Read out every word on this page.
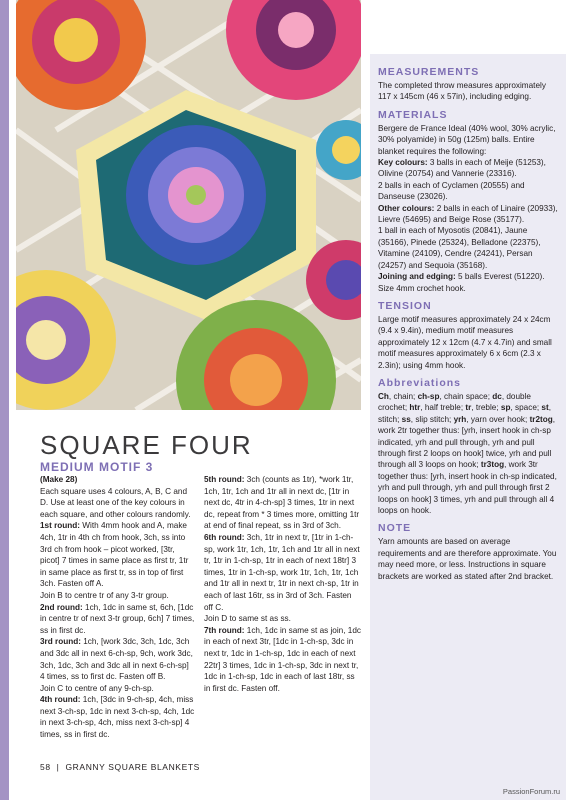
MEASUREMENTS

The completed throw measures approximately 117 x 145cm (46 x 57in), including edging.

MATERIALS

Bergere de France Ideal (40% wool, 30% acrylic, 30% polyamide) in 50g (125m) balls. Entire blanket requires the following:

Key colours: 3 balls in each of Meije (51253), Olivine (20754) and Vannerie (23316).

2 balls in each of Cyclamen (20555) and Danseuse (23026).

Other colours: 2 balls in each of Linaire (20933), Lievre (54695) and Beige Rose (35177).

1 ball in each of Myosotis (20841), Jaune (35166), Pinede (25324), Belladone (22375), Vitamine (24109), Cendre (24241), Persan (24257) and Sequoia (35168).

Joining and edging: 5 balls Everest (51220).

Size 4mm crochet hook.

TENSION

Large motif measures approximately 24 x 24cm (9.4 x 9.4in), medium motif measures approximately 12 x 12cm (4.7 x 4.7in) and small motif measures approximately 6 x 6cm (2.3 x 2.3in); using 4mm hook.

Abbreviations

Ch, chain; ch-sp, chain space; dc, double crochet; htr, half treble; tr, treble; sp, space; st, stitch; ss, slip stitch; yrh, yarn over hook; tr2tog, work 2tr together thus: [yrh, insert hook in ch-sp indicated, yrh and pull through, yrh and pull through first 2 loops on hook] twice, yrh and pull through all 3 loops on hook; tr3tog, work 3tr together thus: [yrh, insert hook in ch-sp indicated, yrh and pull through, yrh and pull through first 2 loops on hook] 3 times, yrh and pull through all 4 loops on hook.

NOTE

Yarn amounts are based on average requirements and are therefore approximate. You may need more, or less. Instructions in square brackets are worked as stated after 2nd bracket.

SQUARE FOUR
MEDIUM MOTIF 3

(Make 28)

Each square uses 4 colours, A, B, C and D. Use at least one of the key colours in each square, and other colours randomly.

1st round: With 4mm hook and A, make 4ch, 1tr in 4th ch from hook, 3ch, ss into 3rd ch from hook – picot worked, [3tr, picot] 7 times in same place as first tr, 1tr in same place as first tr, ss in top of first 3ch. Fasten off A.

Join B to centre tr of any 3-tr group.

2nd round: 1ch, 1dc in same st, 6ch, [1dc in centre tr of next 3-tr group, 6ch] 7 times, ss in first dc.

3rd round: 1ch, [work 3dc, 3ch, 1dc, 3ch and 3dc all in next 6-ch-sp, 9ch, work 3dc, 3ch, 1dc, 3ch and 3dc all in next 6-ch-sp] 4 times, ss to first dc. Fasten off B.

Join C to centre of any 9-ch-sp.

4th round: 1ch, [3dc in 9-ch-sp, 4ch, miss next 3-ch-sp, 1dc in next 3-ch-sp, 4ch, 1dc in next 3-ch-sp, 4ch, miss next 3-ch-sp] 4 times, ss in first dc.

5th round: 3ch (counts as 1tr), *work 1tr, 1ch, 1tr, 1ch and 1tr all in next dc, [1tr in next dc, 4tr in 4-ch-sp] 3 times, 1tr in next dc, repeat from * 3 times more, omitting 1tr at end of final repeat, ss in 3rd of 3ch.

6th round: 3ch, 1tr in next tr, [1tr in 1-ch-sp, work 1tr, 1ch, 1tr, 1ch and 1tr all in next tr, 1tr in 1-ch-sp, 1tr in each of next 18tr] 3 times, 1tr in 1-ch-sp, work 1tr, 1ch, 1tr, 1ch and 1tr all in next tr, 1tr in next ch-sp, 1tr in each of last 16tr, ss in 3rd of 3ch. Fasten off C.

Join D to same st as ss.

7th round: 1ch, 1dc in same st as join, 1dc in each of next 3tr, [1dc in 1-ch-sp, 3dc in next tr, 1dc in 1-ch-sp, 1dc in each of next 22tr] 3 times, 1dc in 1-ch-sp, 3dc in next tr, 1dc in 1-ch-sp, 1dc in each of last 18tr, ss in first dc. Fasten off.

58 | GRANNY SQUARE BLANKETS
PassionForum.ru
